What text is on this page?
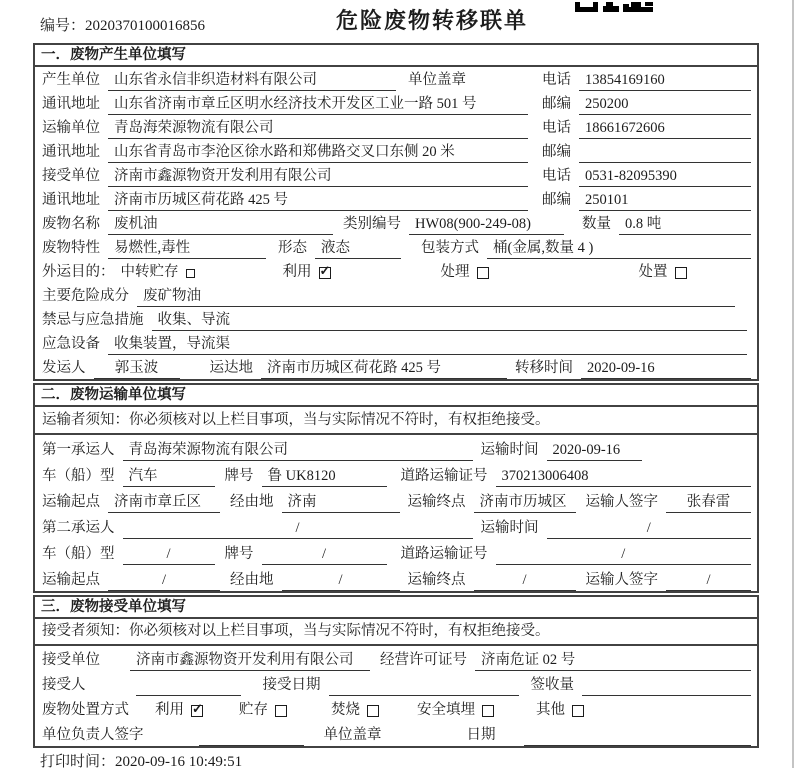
编号：2020370100016856	危险废物转移联单
一．废物产生单位填写
产生单位 山东省永信非织造材料有限公司	单位盖章	电话 13854169160
通讯地址 山东省济南市章丘区明水经济技术开发区工业一路 501 号	邮编 250200
运输单位 青岛海荣源物流有限公司	电话 18661672606
通讯地址 山东省青岛市李沧区徐水路和郑佛路交叉口东侧 20 米	邮编
接受单位 济南市鑫源物资开发利用有限公司	电话 0531-82095390
通讯地址 济南市历城区荷花路 425 号	邮编 250101
废物名称 废机油	类别编号 HW08(900-249-08)	数量 0.8 吨
废物特性 易燃性,毒性	形态 液态	包装方式 桶(金属,数量 4 )
外运目的： 中转贮存	利用 ✓	处理	处置
主要危险成分 废矿物油
禁忌与应急措施 收集、导流
应急设备 收集装置，导流渠
发运人	郭玉波	运达地 济南市历城区荷花路 425 号	转移时间 2020-09-16
二．废物运输单位填写
运输者须知：你必须核对以上栏目事项，当与实际情况不符时，有权拒绝接受。
第一承运人 青岛海荣源物流有限公司	运输时间 2020-09-16
车（船）型 汽车	牌号 鲁 UK8120	道路运输证号 370213006408
运输起点 济南市章丘区	经由地 济南	运输终点 济南市历城区	运输人签字	张春雷
第二承运人	/	运输时间	/
车（船）型	/	牌号	/	道路运输证号	/
运输起点	/	经由地	/	运输终点	/	运输人签字	/
三．废物接受单位填写
接受者须知：你必须核对以上栏目事项，当与实际情况不符时，有权拒绝接受。
接受单位	济南市鑫源物资开发利用有限公司	经营许可证号 济南危证 02 号
接受人	接受日期	签收量
废物处置方式 利用 ✓	贮存	焚烧	安全填埋	其他
单位负责人签字	单位盖章	日期
打印时间：2020-09-16 10:49:51
